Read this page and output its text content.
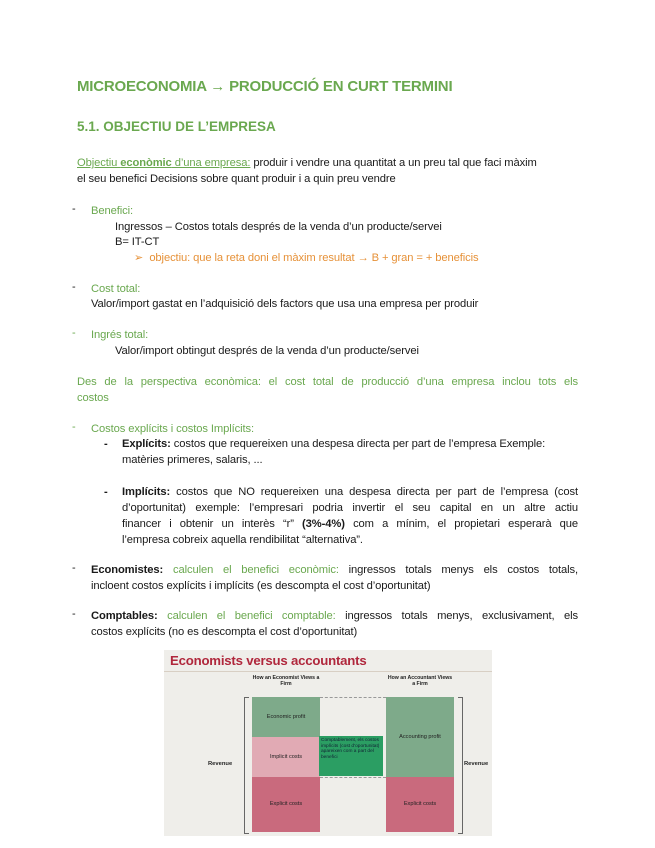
MICROECONOMIA → PRODUCCIÓ EN CURT TERMINI
5.1. OBJECTIU DE L’EMPRESA
Objectiu econòmic d’una empresa: produir i vendre una quantitat a un preu tal que faci màxim
el seu benefici Decisions sobre quant produir i a quin preu vendre
- Benefici:
Ingressos – Costos totals després de la venda d’un producte/servei
B= IT-CT
➢ objectiu: que la reta doni el màxim resultat → B + gran = + beneficis
- Cost total:
Valor/import gastat en l’adquisició dels factors que usa una empresa per produir
- Ingrés total:
Valor/import obtingut després de la venda d’un producte/servei
Des de la perspectiva econòmica: el cost total de producció d’una empresa inclou tots els
costos
- Costos explícits i costos Implícits:
- Explícits: costos que requereixen una despesa directa per part de l’empresa Exemple:
matèries primeres, salaris, ...
- Implícits: costos que NO requereixen una despesa directa per part de l’empresa (cost
d’oportunitat) exemple: l’empresari podria invertir el seu capital en un altre actiu
financer i obtenir un interès “r” (3%-4%) com a mínim, el propietari esperarà que
l’empresa cobreix aquella rendibilitat “alternativa”.
- Economistes: calculen el benefici econòmic: ingressos totals menys els costos totals,
incloent costos explícits i implícits (es descompta el cost d’oportunitat)
- Comptables: calculen el benefici comptable: ingressos totals menys, exclusivament, els
costos explícits (no es descompta el cost d’oportunitat)
Economists versus accountants
How an Economist Views a Firm
How an Accountant Views a Firm
Economic profit
Implicit costs
Explicit costs
Accounting profit
Explicit costs
Comptablement, els costos implícits (cost d’oportunitat) apareixen com a part del benefici
Revenue	Revenue
